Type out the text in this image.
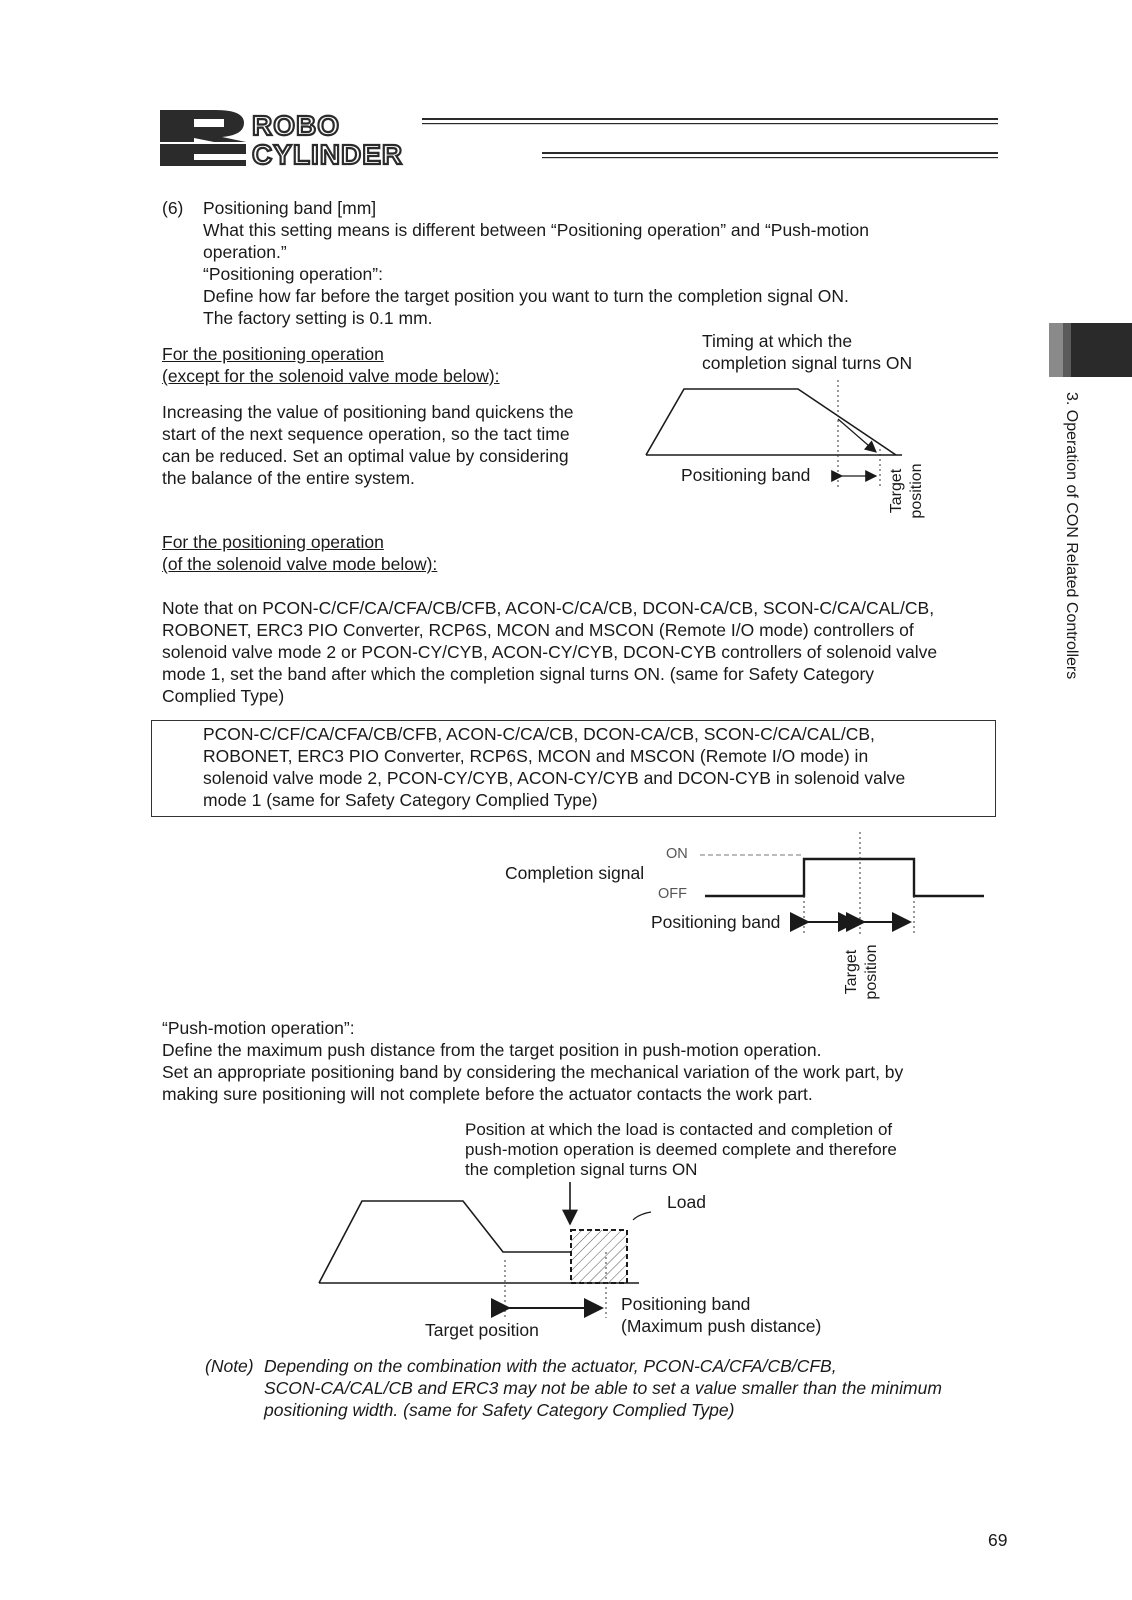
ROBO
CYLINDER
3. Operation of CON Related Controllers
(6) Positioning band [mm]
What this setting means is different between “Positioning operation” and “Push-motion
operation.”
“Positioning operation”:
Define how far before the target position you want to turn the completion signal ON.
The factory setting is 0.1 mm.
For the positioning operation
(except for the solenoid valve mode below):
Increasing the value of positioning band quickens the
start of the next sequence operation, so the tact time
can be reduced. Set an optimal value by considering
the balance of the entire system.
Timing at which the
completion signal turns ON
Positioning band	Target position
For the positioning operation
(of the solenoid valve mode below):
Note that on PCON-C/CF/CA/CFA/CB/CFB, ACON-C/CA/CB, DCON-CA/CB, SCON-C/CA/CAL/CB,
ROBONET, ERC3 PIO Converter, RCP6S, MCON and MSCON (Remote I/O mode) controllers of
solenoid valve mode 2 or PCON-CY/CYB, ACON-CY/CYB, DCON-CYB controllers of solenoid valve
mode 1, set the band after which the completion signal turns ON. (same for Safety Category
Complied Type)
PCON-C/CF/CA/CFA/CB/CFB, ACON-C/CA/CB, DCON-CA/CB, SCON-C/CA/CAL/CB,
ROBONET, ERC3 PIO Converter, RCP6S, MCON and MSCON (Remote I/O mode) in
solenoid valve mode 2, PCON-CY/CYB, ACON-CY/CYB and DCON-CYB in solenoid valve
mode 1 (same for Safety Category Complied Type)
Completion signal
ON
OFF
Positioning band
Target position
“Push-motion operation”:
Define the maximum push distance from the target position in push-motion operation.
Set an appropriate positioning band by considering the mechanical variation of the work part, by
making sure positioning will not complete before the actuator contacts the work part.
Position at which the load is contacted and completion of
push-motion operation is deemed complete and therefore
the completion signal turns ON
Load
Target position
Positioning band
(Maximum push distance)
(Note) Depending on the combination with the actuator, PCON-CA/CFA/CB/CFB,
SCON-CA/CAL/CB and ERC3 may not be able to set a value smaller than the minimum
positioning width. (same for Safety Category Complied Type)
69
